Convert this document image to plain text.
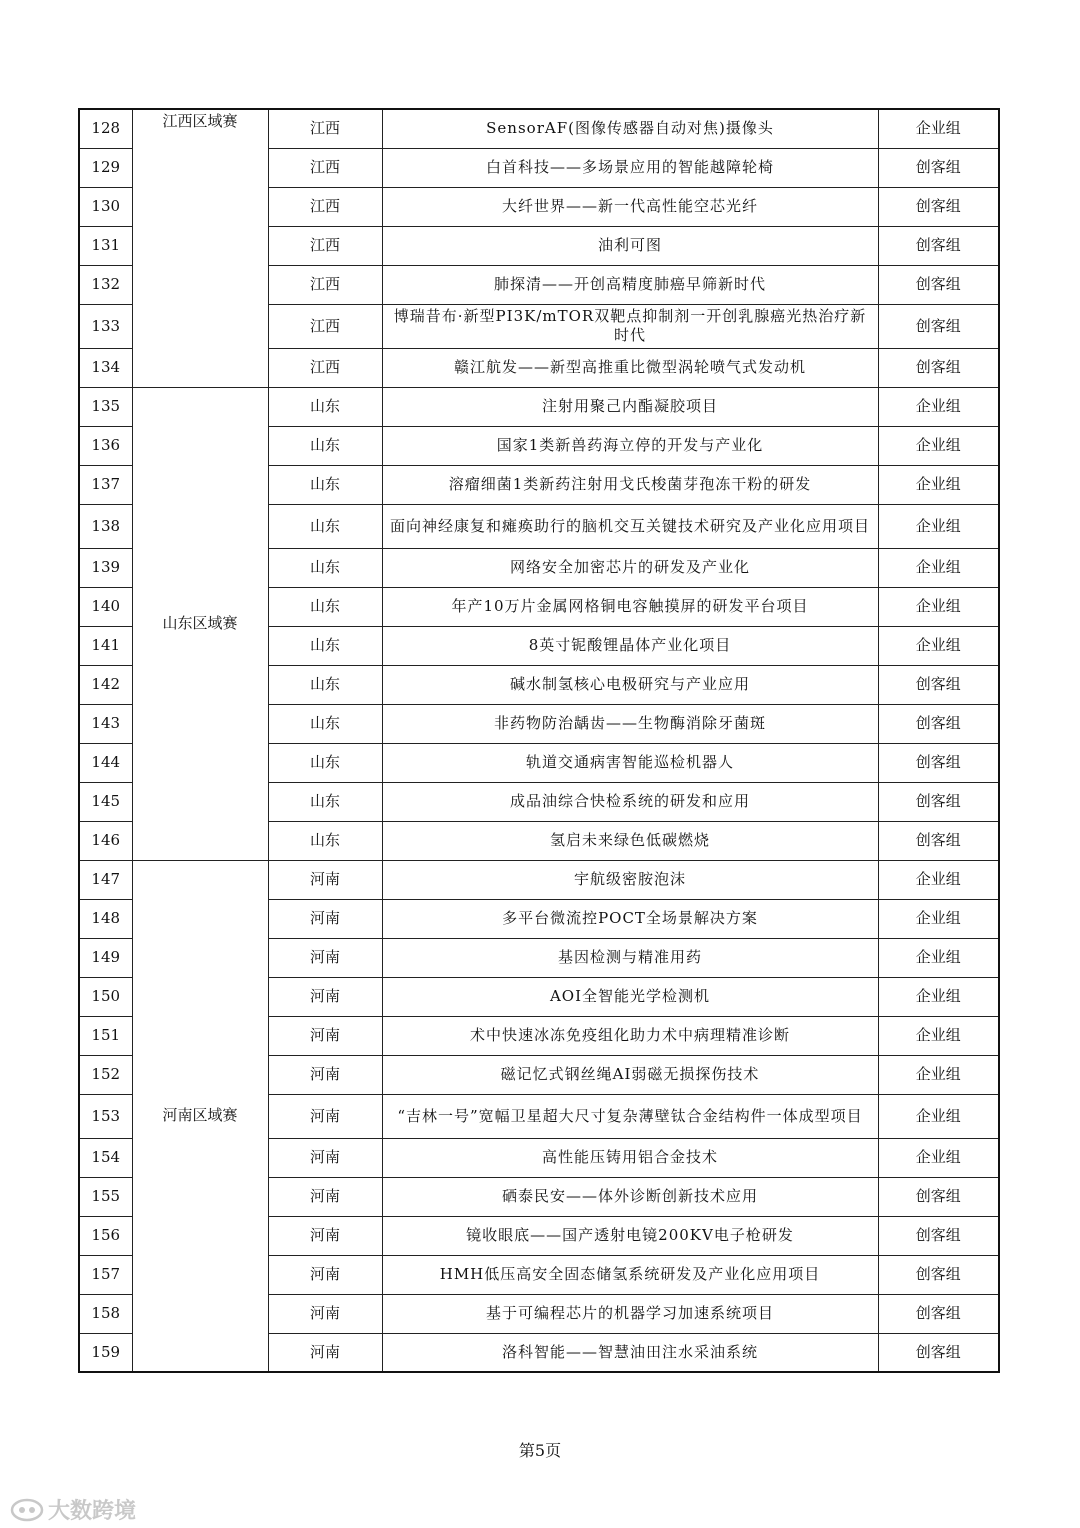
128	江西区域赛	江西	SensorAF(图像传感器自动对焦)摄像头	企业组
129		江西	白首科技——多场景应用的智能越障轮椅	创客组
130		江西	大纤世界——新一代高性能空芯光纤	创客组
131		江西	油利可图	创客组
132		江西	肺探清——开创高精度肺癌早筛新时代	创客组
133		江西	博瑞昔布·新型PI3K/mTOR双靶点抑制剂一开创乳腺癌光热治疗新时代	创客组
134		江西	赣江航发——新型高推重比微型涡轮喷气式发动机	创客组
135	山东区域赛	山东	注射用聚己内酯凝胶项目	企业组
136		山东	国家1类新兽药海立停的开发与产业化	企业组
137		山东	溶瘤细菌1类新药注射用戈氏梭菌芽孢冻干粉的研发	企业组
138		山东	面向神经康复和瘫痪助行的脑机交互关键技术研究及产业化应用项目	企业组
139		山东	网络安全加密芯片的研发及产业化	企业组
140		山东	年产10万片金属网格铜电容触摸屏的研发平台项目	企业组
141		山东	8英寸铌酸锂晶体产业化项目	企业组
142		山东	碱水制氢核心电极研究与产业应用	创客组
143		山东	非药物防治龋齿——生物酶消除牙菌斑	创客组
144		山东	轨道交通病害智能巡检机器人	创客组
145		山东	成品油综合快检系统的研发和应用	创客组
146		山东	氢启未来绿色低碳燃烧	创客组
147	河南区域赛	河南	宇航级密胺泡沫	企业组
148		河南	多平台微流控POCT全场景解决方案	企业组
149		河南	基因检测与精准用药	企业组
150		河南	AOI全智能光学检测机	企业组
151		河南	术中快速冰冻免疫组化助力术中病理精准诊断	企业组
152		河南	磁记忆式钢丝绳AI弱磁无损探伤技术	企业组
153		河南	“吉林一号”宽幅卫星超大尺寸复杂薄壁钛合金结构件一体成型项目	企业组
154		河南	高性能压铸用铝合金技术	企业组
155		河南	硒泰民安——体外诊断创新技术应用	创客组
156		河南	镜收眼底——国产透射电镜200KV电子枪研发	创客组
157		河南	HMH低压高安全固态储氢系统研发及产业化应用项目	创客组
158		河南	基于可编程芯片的机器学习加速系统项目	创客组
159		河南	洛科智能——智慧油田注水采油系统	创客组
第5页
大数跨境
